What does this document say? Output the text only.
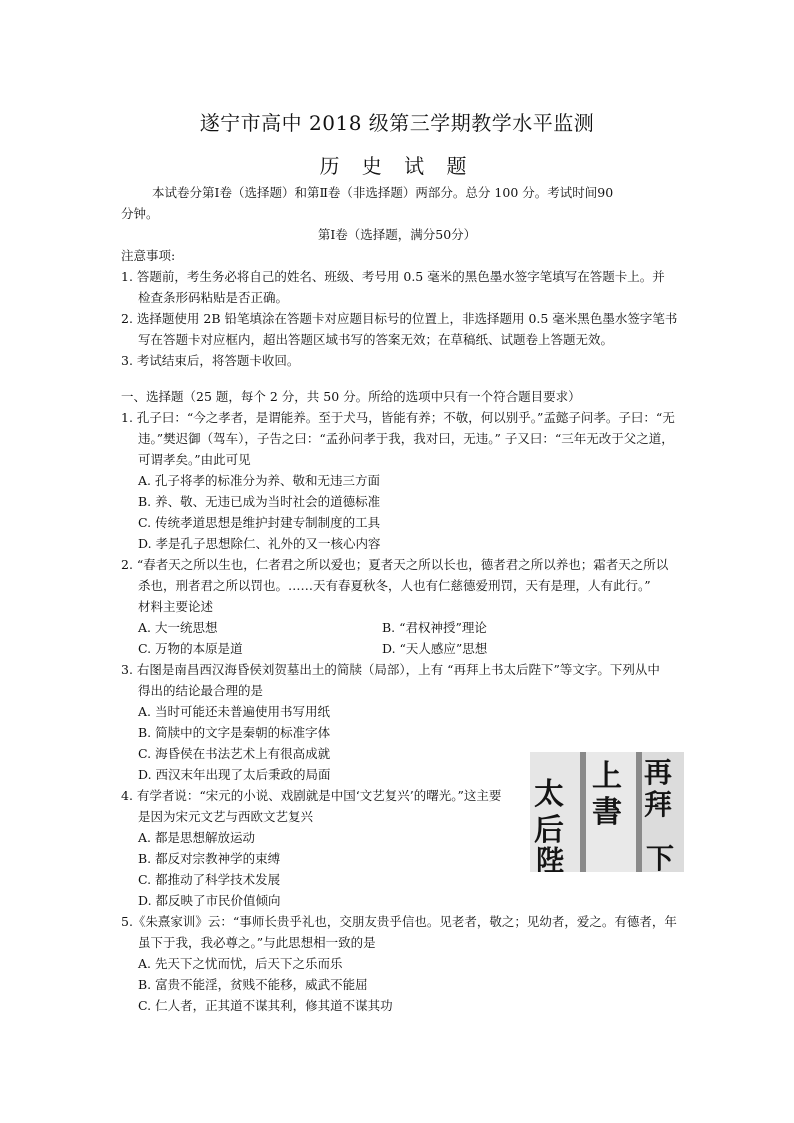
遂宁市高中 2018 级第三学期教学水平监测
历 史 试 题
本试卷分第Ⅰ卷（选择题）和第Ⅱ卷（非选择题）两部分。总分 100 分。考试时间90
分钟。
第Ⅰ卷（选择题，满分50分）
注意事项:
1. 答题前，考生务必将自己的姓名、班级、考号用 0.5 毫米的黑色墨水签字笔填写在答题卡上。并
检查条形码粘贴是否正确。
2. 选择题使用 2B 铅笔填涂在答题卡对应题目标号的位置上，非选择题用 0.5 毫米黑色墨水签字笔书
写在答题卡对应框内，超出答题区域书写的答案无效；在草稿纸、试题卷上答题无效。
3. 考试结束后，将答题卡收回。
一、选择题（25 题，每个 2 分，共 50 分。所给的选项中只有一个符合题目要求）
1. 孔子曰：“今之孝者，是谓能养。至于犬马，皆能有养；不敬，何以别乎。”孟懿子问孝。子曰：“无
违。”樊迟御（驾车），子告之曰：“孟孙问孝于我，我对曰，无违。” 子又曰：“三年无改于父之道，
可谓孝矣。”由此可见
A. 孔子将孝的标准分为养、敬和无违三方面
B. 养、敬、无违已成为当时社会的道德标准
C. 传统孝道思想是维护封建专制制度的工具
D. 孝是孔子思想除仁、礼外的又一核心内容
2. “春者天之所以生也，仁者君之所以爱也；夏者天之所以长也，德者君之所以养也；霜者天之所以
杀也，刑者君之所以罚也。……天有春夏秋冬，人也有仁慈德爱刑罚，天有是理，人有此行。”
材料主要论述
A. 大一统思想	B. “君权神授”理论
C. 万物的本原是道	D. “天人感应”思想
3. 右图是南昌西汉海昏侯刘贺墓出土的简牍（局部），上有 “再拜上书太后陛下”等文字。下列从中
得出的结论最合理的是
A. 当时可能还未普遍使用书写用纸
B. 简牍中的文字是秦朝的标准字体
C. 海昏侯在书法艺术上有很高成就
D. 西汉末年出现了太后秉政的局面	再
拜
上
書
太
后
陛	下
4. 有学者说：“宋元的小说、戏剧就是中国‘文艺复兴’的曙光。”这主要
是因为宋元文艺与西欧文艺复兴
A. 都是思想解放运动
B. 都反对宗教神学的束缚
C. 都推动了科学技术发展
D. 都反映了市民价值倾向
5.《朱熹家训》云：“事师长贵乎礼也，交朋友贵乎信也。见老者，敬之；见幼者，爱之。有德者，年
虽下于我，我必尊之。”与此思想相一致的是
A. 先天下之忧而忧，后天下之乐而乐
B. 富贵不能淫，贫贱不能移，威武不能屈
C. 仁人者，正其道不谋其利，修其道不谋其功
